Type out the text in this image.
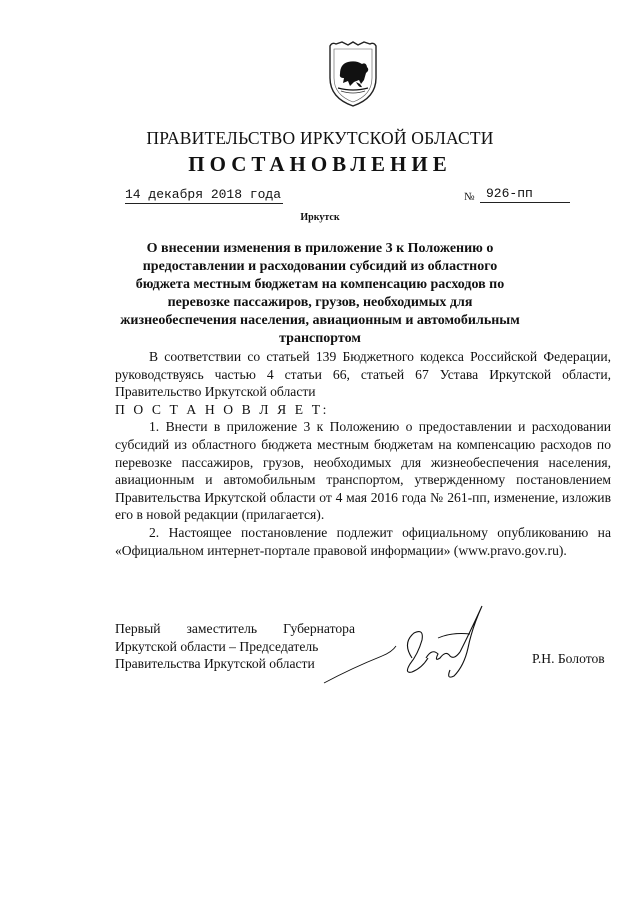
ПРАВИТЕЛЬСТВО ИРКУТСКОЙ ОБЛАСТИ
ПОСТАНОВЛЕНИЕ
14 декабря 2018 года	№ 926-пп
Иркутск
О внесении изменения в приложение 3 к Положению о предоставлении и расходовании субсидий из областного бюджета местным бюджетам на компенсацию расходов по перевозке пассажиров, грузов, необходимых для жизнеобеспечения населения, авиационным и автомобильным транспортом

В соответствии со статьей 139 Бюджетного кодекса Российской Федерации, руководствуясь частью 4 статьи 66, статьей 67 Устава Иркутской области, Правительство Иркутской области

П О С Т А Н О В Л Я Е Т:

1. Внести в приложение 3 к Положению о предоставлении и расходовании субсидий из областного бюджета местным бюджетам на компенсацию расходов по перевозке пассажиров, грузов, необходимых для жизнеобеспечения населения, авиационным и автомобильным транспортом, утвержденному постановлением Правительства Иркутской области от 4 мая 2016 года № 261-пп, изменение, изложив его в новой редакции (прилагается).

2. Настоящее постановление подлежит официальному опубликованию на «Официальном интернет-портале правовой информации» (www.pravo.gov.ru).

Первый заместитель Губернатора
Иркутской области – Председатель
Правительства Иркутской области	Р.Н. Болотов
